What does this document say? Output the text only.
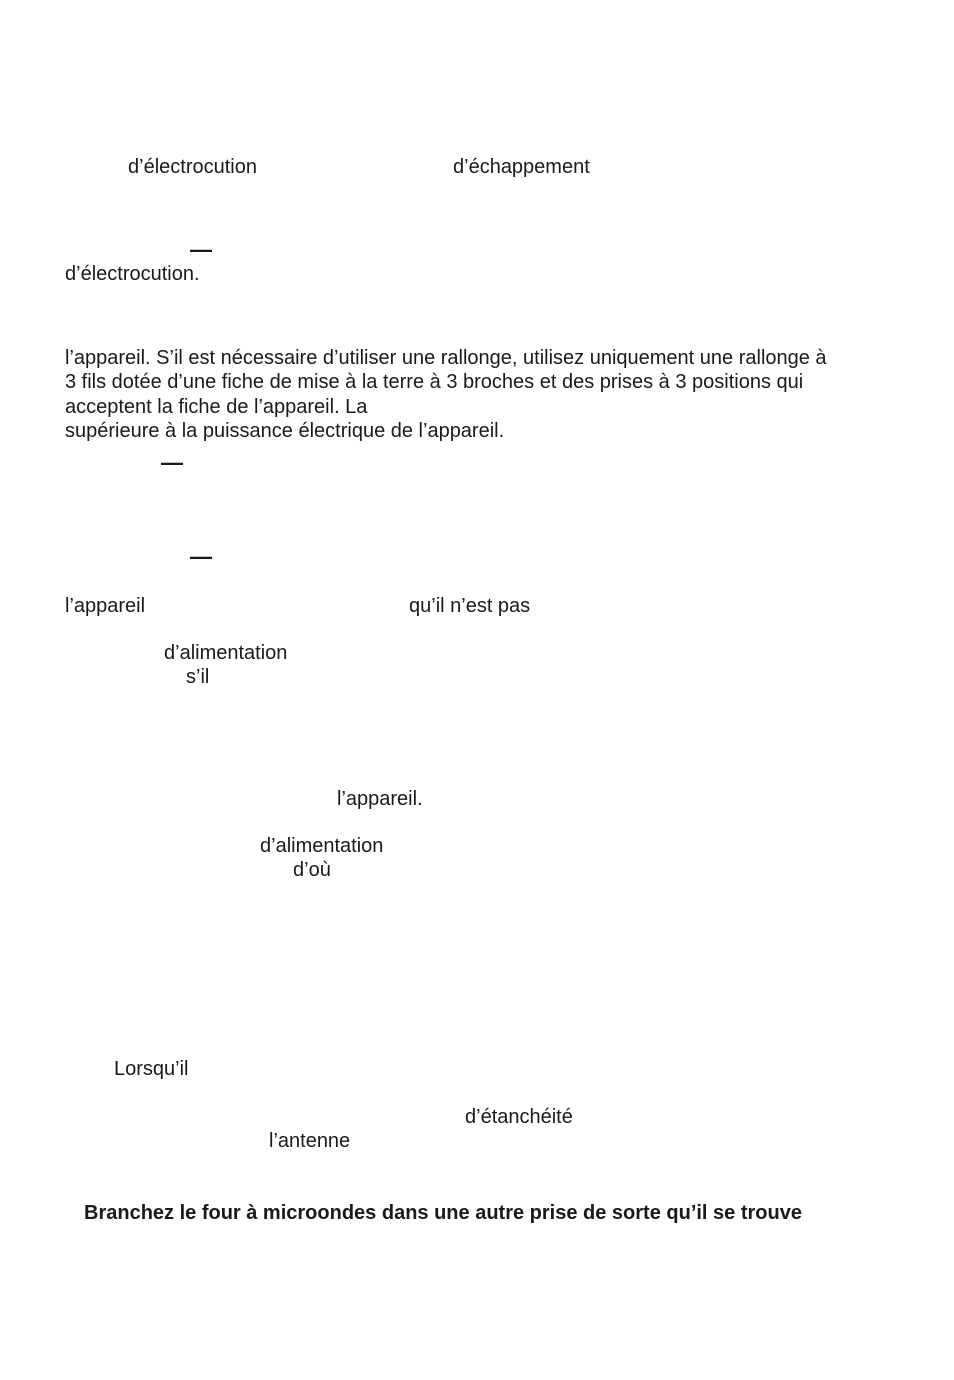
d’électrocution	d’échappement
—
d’électrocution.
l’appareil. S’il est nécessaire d’utiliser une rallonge, utilisez uniquement une rallonge à
3 fils dotée d’une fiche de mise à la terre à 3 broches et des prises à 3 positions qui
acceptent la fiche de l’appareil. La
supérieure à la puissance électrique de l’appareil.
—
—
l’appareil	qu’il n’est pas
d’alimentation
s’il
l’appareil.
d’alimentation
d’où
Lorsqu’il
d’étanchéité
l’antenne
Branchez le four à microondes dans une autre prise de sorte qu’il se trouve
